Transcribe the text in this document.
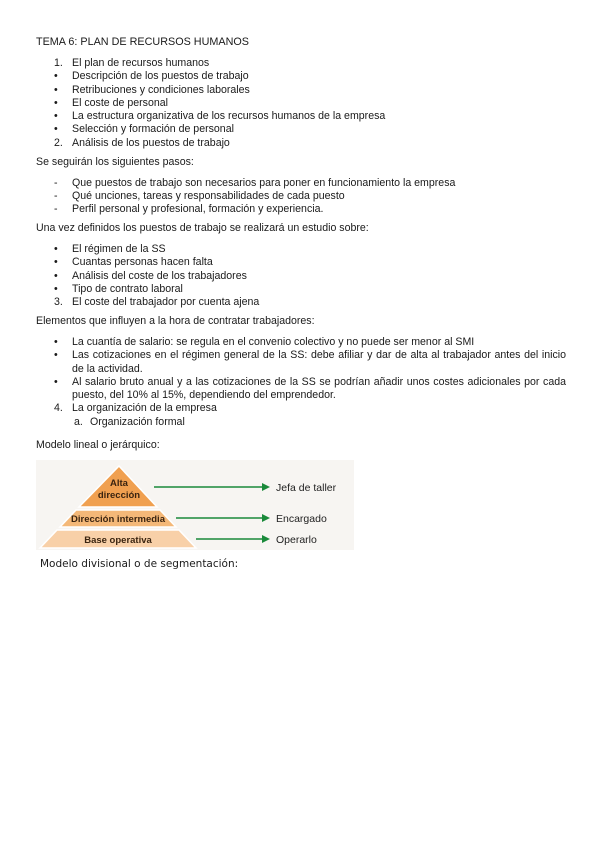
TEMA 6: PLAN DE RECURSOS HUMANOS
1. El plan de recursos humanos
•	Descripción de los puestos de trabajo
•	Retribuciones y condiciones laborales
•	El coste de personal
•	La estructura organizativa de los recursos humanos de la empresa
•	Selección y formación de personal
2. Análisis de los puestos de trabajo
Se seguirán los siguientes pasos:
-	Que puestos de trabajo son necesarios para poner en funcionamiento la empresa
-	Qué unciones, tareas y responsabilidades de cada puesto
-	Perfil personal y profesional, formación y experiencia.
Una vez definidos los puestos de trabajo se realizará un estudio sobre:
•	El régimen de la SS
•	Cuantas personas hacen falta
•	Análisis del coste de los trabajadores
•	Tipo de contrato laboral
3. El coste del trabajador por cuenta ajena
Elementos que influyen a la hora de contratar trabajadores:
•	La cuantía de salario: se regula en el convenio colectivo y no puede ser menor al SMI
•	Las cotizaciones en el régimen general de la SS: debe afiliar y dar de alta al trabajador antes del inicio de la actividad.
•	Al salario bruto anual y a las cotizaciones de la SS se podrían añadir unos costes adicionales por cada puesto, del 10% al 15%, dependiendo del emprendedor.
4. La organización de la empresa
a. Organización formal
Modelo lineal o jerárquico:
Alta
dirección
Dirección intermedia
Base operativa
Jefa de taller
Encargado
Operarlo
Modelo divisional o de segmentación:
